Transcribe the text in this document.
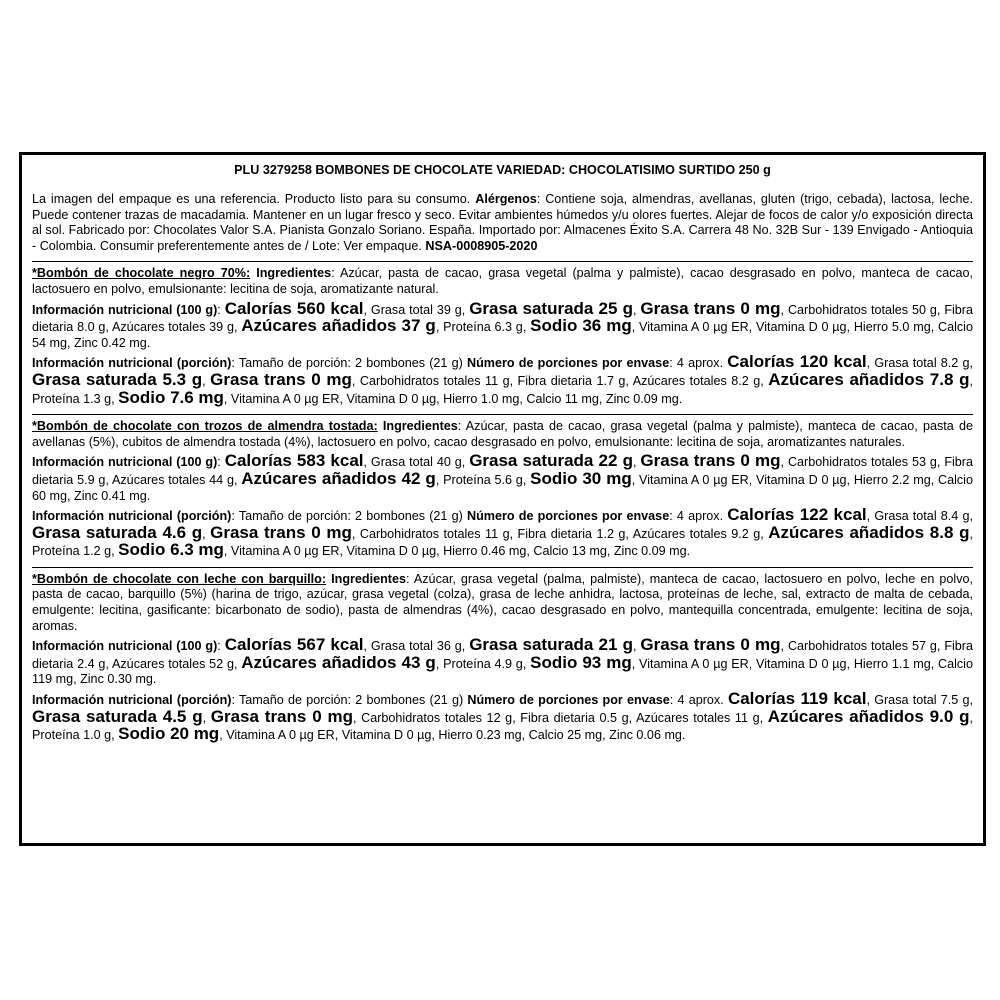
PLU 3279258 BOMBONES DE CHOCOLATE VARIEDAD: CHOCOLATISIMO SURTIDO 250 g

La imagen del empaque es una referencia. Producto listo para su consumo. Alérgenos: Contiene soja, almendras, avellanas, gluten (trigo, cebada), lactosa, leche. Puede contener trazas de macadamia. Mantener en un lugar fresco y seco. Evitar ambientes húmedos y/u olores fuertes. Alejar de focos de calor y/o exposición directa al sol. Fabricado por: Chocolates Valor S.A. Pianista Gonzalo Soriano. España. Importado por: Almacenes Éxito S.A. Carrera 48 No. 32B Sur - 139 Envigado - Antioquia - Colombia. Consumir preferentemente antes de / Lote: Ver empaque. NSA-0008905-2020

*Bombón de chocolate negro 70%: Ingredientes: Azúcar, pasta de cacao, grasa vegetal (palma y palmiste), cacao desgrasado en polvo, manteca de cacao, lactosuero en polvo, emulsionante: lecitina de soja, aromatizante natural.

Información nutricional (100 g): Calorías 560 kcal, Grasa total 39 g, Grasa saturada 25 g, Grasa trans 0 mg, Carbohidratos totales 50 g, Fibra dietaria 8.0 g, Azúcares totales 39 g, Azúcares añadidos 37 g, Proteína 6.3 g, Sodio 36 mg, Vitamina A 0 µg ER, Vitamina D 0 µg, Hierro 5.0 mg, Calcio 54 mg, Zinc 0.42 mg.

Información nutricional (porción): Tamaño de porción: 2 bombones (21 g) Número de porciones por envase: 4 aprox. Calorías 120 kcal, Grasa total 8.2 g, Grasa saturada 5.3 g, Grasa trans 0 mg, Carbohidratos totales 11 g, Fibra dietaria 1.7 g, Azúcares totales 8.2 g, Azúcares añadidos 7.8 g, Proteína 1.3 g, Sodio 7.6 mg, Vitamina A 0 µg ER, Vitamina D 0 µg, Hierro 1.0 mg, Calcio 11 mg, Zinc 0.09 mg.

*Bombón de chocolate con trozos de almendra tostada: Ingredientes: Azúcar, pasta de cacao, grasa vegetal (palma y palmiste), manteca de cacao, pasta de avellanas (5%), cubitos de almendra tostada (4%), lactosuero en polvo, cacao desgrasado en polvo, emulsionante: lecitina de soja, aromatizantes naturales.

Información nutricional (100 g): Calorías 583 kcal, Grasa total 40 g, Grasa saturada 22 g, Grasa trans 0 mg, Carbohidratos totales 53 g, Fibra dietaria 5.9 g, Azúcares totales 44 g, Azúcares añadidos 42 g, Proteína 5.6 g, Sodio 30 mg, Vitamina A 0 µg ER, Vitamina D 0 µg, Hierro 2.2 mg, Calcio 60 mg, Zinc 0.41 mg.

Información nutricional (porción): Tamaño de porción: 2 bombones (21 g) Número de porciones por envase: 4 aprox. Calorías 122 kcal, Grasa total 8.4 g, Grasa saturada 4.6 g, Grasa trans 0 mg, Carbohidratos totales 11 g, Fibra dietaria 1.2 g, Azúcares totales 9.2 g, Azúcares añadidos 8.8 g, Proteína 1.2 g, Sodio 6.3 mg, Vitamina A 0 µg ER, Vitamina D 0 µg, Hierro 0.46 mg, Calcio 13 mg, Zinc 0.09 mg.

*Bombón de chocolate con leche con barquillo: Ingredientes: Azúcar, grasa vegetal (palma, palmiste), manteca de cacao, lactosuero en polvo, leche en polvo, pasta de cacao, barquillo (5%) (harina de trigo, azúcar, grasa vegetal (colza), grasa de leche anhidra, lactosa, proteínas de leche, sal, extracto de malta de cebada, emulgente: lecitina, gasificante: bicarbonato de sodio), pasta de almendras (4%), cacao desgrasado en polvo, mantequilla concentrada, emulgente: lecitina de soja, aromas.

Información nutricional (100 g): Calorías 567 kcal, Grasa total 36 g, Grasa saturada 21 g, Grasa trans 0 mg, Carbohidratos totales 57 g, Fibra dietaria 2.4 g, Azúcares totales 52 g, Azúcares añadidos 43 g, Proteína 4.9 g, Sodio 93 mg, Vitamina A 0 µg ER, Vitamina D 0 µg, Hierro 1.1 mg, Calcio 119 mg, Zinc 0.30 mg.

Información nutricional (porción): Tamaño de porción: 2 bombones (21 g) Número de porciones por envase: 4 aprox. Calorías 119 kcal, Grasa total 7.5 g, Grasa saturada 4.5 g, Grasa trans 0 mg, Carbohidratos totales 12 g, Fibra dietaria 0.5 g, Azúcares totales 11 g, Azúcares añadidos 9.0 g, Proteína 1.0 g, Sodio 20 mg, Vitamina A 0 µg ER, Vitamina D 0 µg, Hierro 0.23 mg, Calcio 25 mg, Zinc 0.06 mg.
